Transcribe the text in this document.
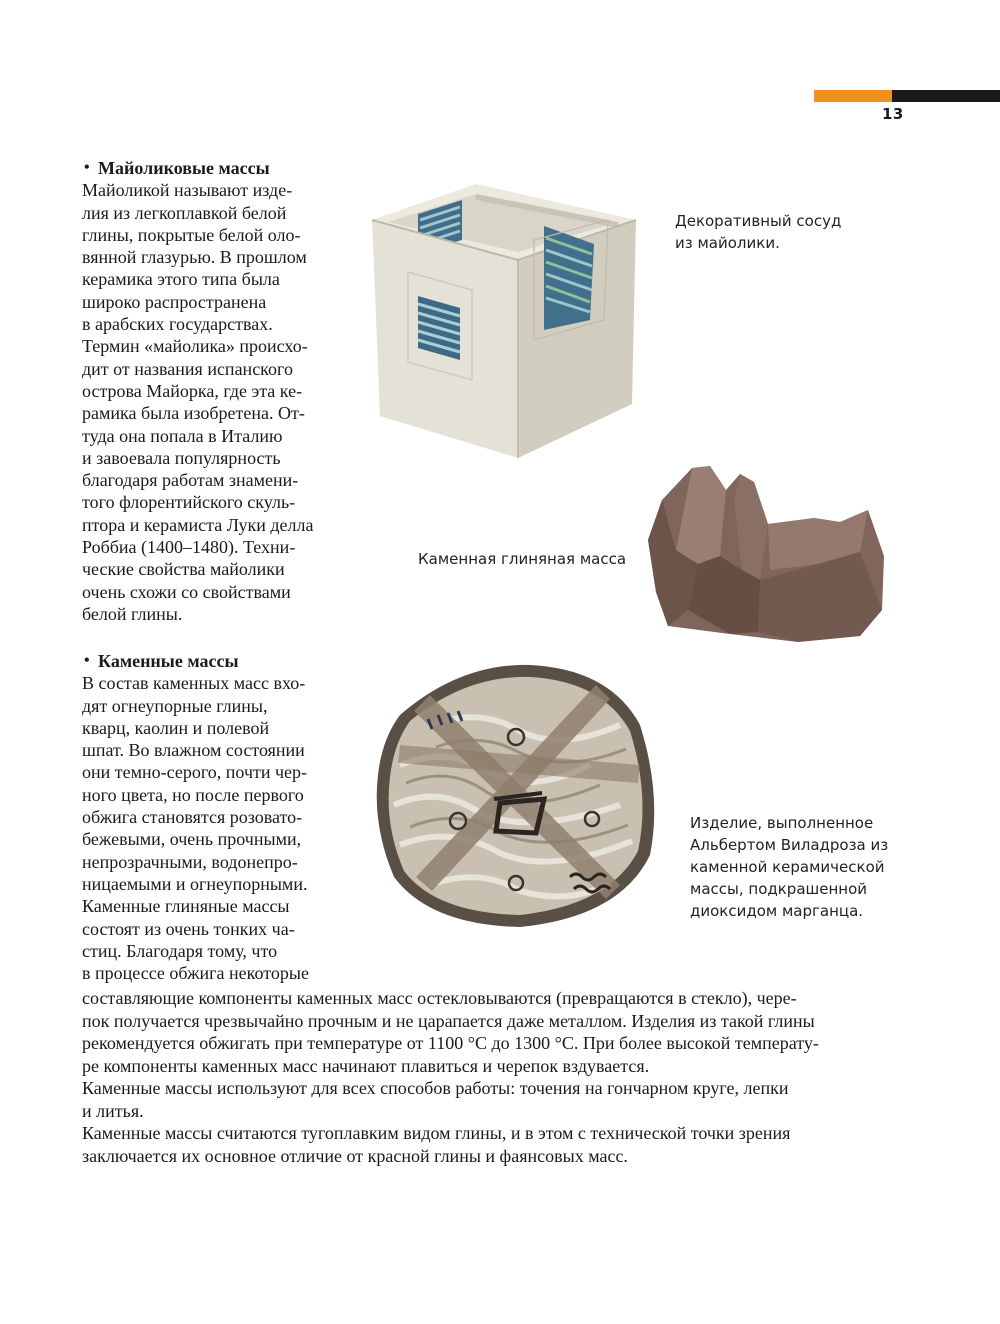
13
• Майоликовые массы

Майоликой называют изде-

лия из легкоплавкой белой

глины, покрытые белой оло-

вянной глазурью. В прошлом

керамика этого типа была

широко распространена

в арабских государствах.

Термин «майолика» происхо-

дит от названия испанского

острова Майорка, где эта ке-

рамика была изобретена. От-

туда она попала в Италию

и завоевала популярность

благодаря работам знамени-

того флорентийского скуль-

птора и керамиста Луки делла

Роббиа (1400–1480). Техни-

ческие свойства майолики

очень схожи со свойствами

белой глины.

• Каменные массы

В состав каменных масс вхо-

дят огнеупорные глины,

кварц, каолин и полевой

шпат. Во влажном состоянии

они темно-серого, почти чер-

ного цвета, но после первого

обжига становятся розовато-

бежевыми, очень прочными,

непрозрачными, водонепро-

ницаемыми и огнеупорными.

Каменные глиняные массы

состоят из очень тонких ча-

стиц. Благодаря тому, что

в процессе обжига некоторые

составляющие компоненты каменных масс остекловываются (превращаются в стекло), чере-

пок получается чрезвычайно прочным и не царапается даже металлом. Изделия из такой глины

рекомендуется обжигать при температуре от 1100 °C до 1300 °C. При более высокой температу-

ре компоненты каменных масс начинают плавиться и черепок вздувается.

Каменные массы используют для всех способов работы: точения на гончарном круге, лепки

и литья.

Каменные массы считаются тугоплавким видом глины, и в этом с технической точки зрения

заключается их основное отличие от красной глины и фаянсовых масс.

Декоративный сосуд
из майолики.
Каменная глиняная масса
Изделие, выполненное
Альбертом Виладроза из
каменной керамической
массы, подкрашенной
диоксидом марганца.
